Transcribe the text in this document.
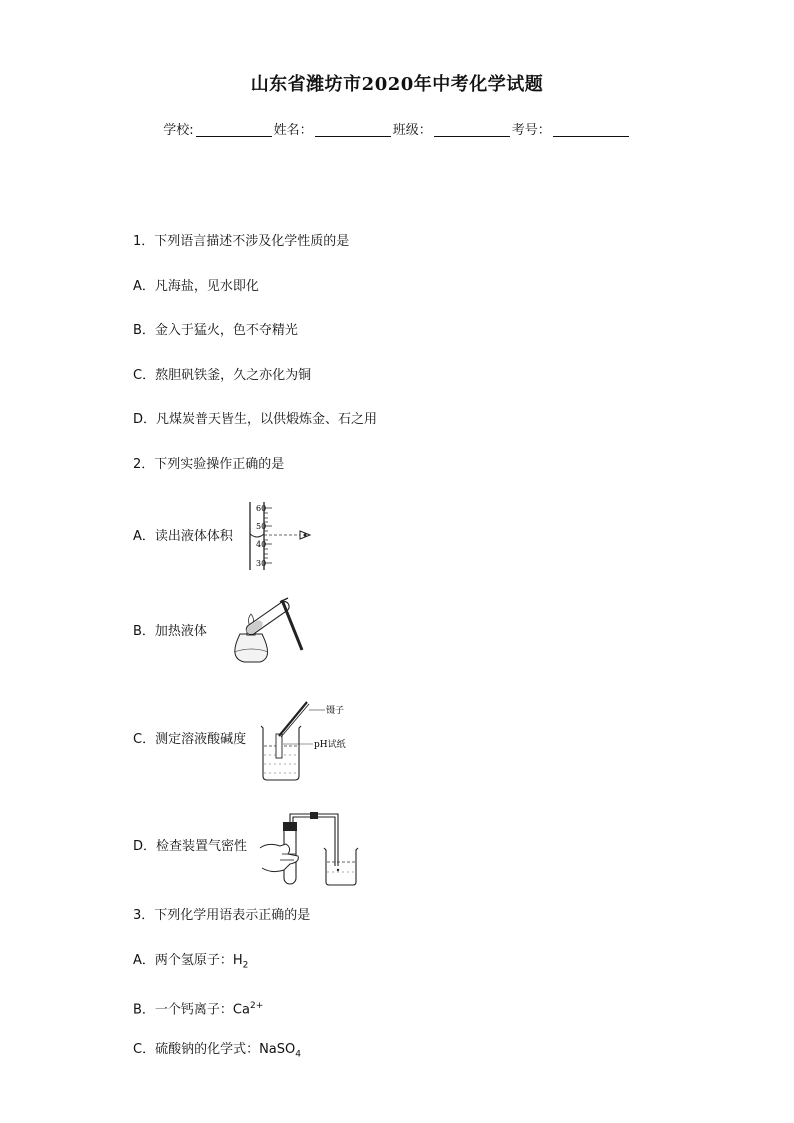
山东省潍坊市2020年中考化学试题
学校:	姓名：	班级：	考号：
1．下列语言描述不涉及化学性质的是
A．凡海盐，见水即化
B．金入于猛火，色不夺精光
C．熬胆矾铁釜，久之亦化为铜
D．凡煤炭普天皆生，以供煅炼金、石之用
2．下列实验操作正确的是
A．读出液体体积
60
50
40
30
B．加热液体
C．测定溶液酸碱度
镊子
pH试纸
D．检查装置气密性
3．下列化学用语表示正确的是
A．两个氢原子：$H_2$
B．一个钙离子：$Ca^{2+}$
C．硫酸钠的化学式：NaSO$_4$
